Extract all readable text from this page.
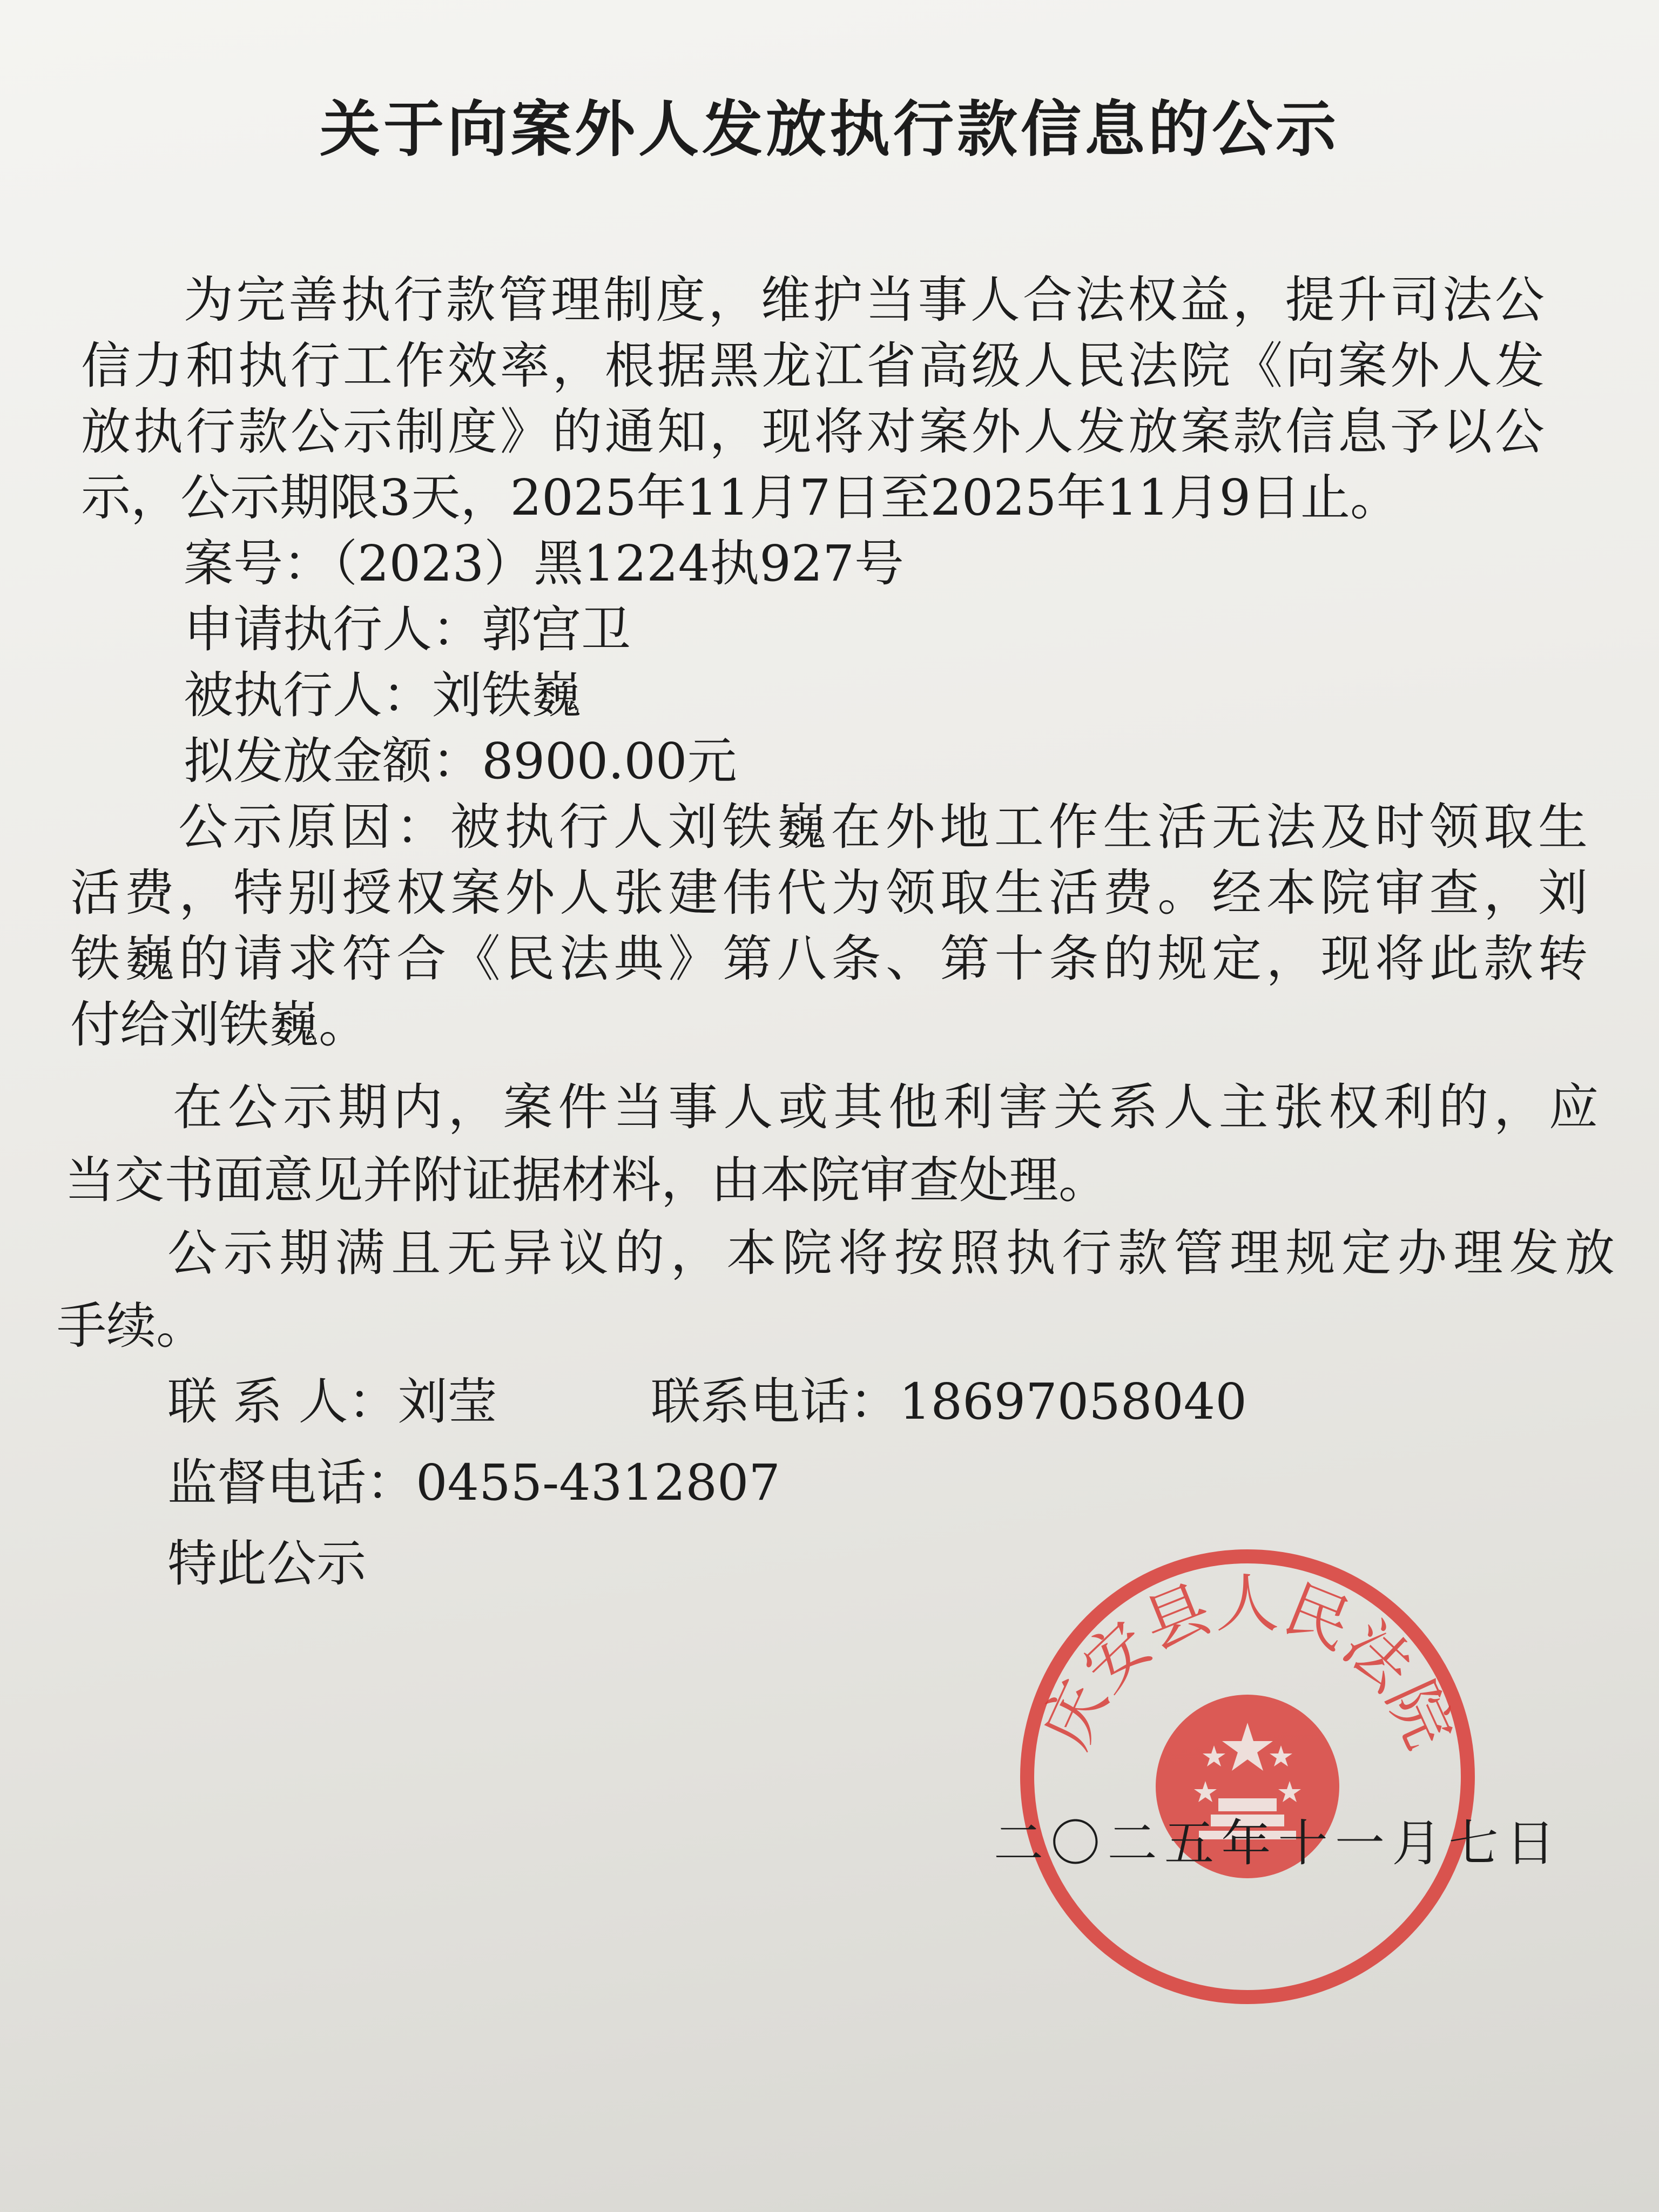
关于向案外人发放执行款信息的公示
为完善执行款管理制度，维护当事人合法权益，提升司法公
信力和执行工作效率，根据黑龙江省高级人民法院《向案外人发
放执行款公示制度》的通知，现将对案外人发放案款信息予以公
示，公示期限3天，2025年11月7日至2025年11月9日止。
案号：（2023）黑1224执927号
申请执行人：郭宫卫
被执行人：刘铁巍
拟发放金额：8900.00元
公示原因：被执行人刘铁巍在外地工作生活无法及时领取生
活费，特别授权案外人张建伟代为领取生活费。经本院审查，刘
铁巍的请求符合《民法典》第八条、第十条的规定，现将此款转
付给刘铁巍。
在公示期内，案件当事人或其他利害关系人主张权利的，应
当交书面意见并附证据材料，由本院审查处理。
公示期满且无异议的，本院将按照执行款管理规定办理发放
手续。
联 系 人：刘莹	联系电话：18697058040
监督电话：0455-4312807
特此公示
庆安县人民法院
二〇二五年十一月七日
